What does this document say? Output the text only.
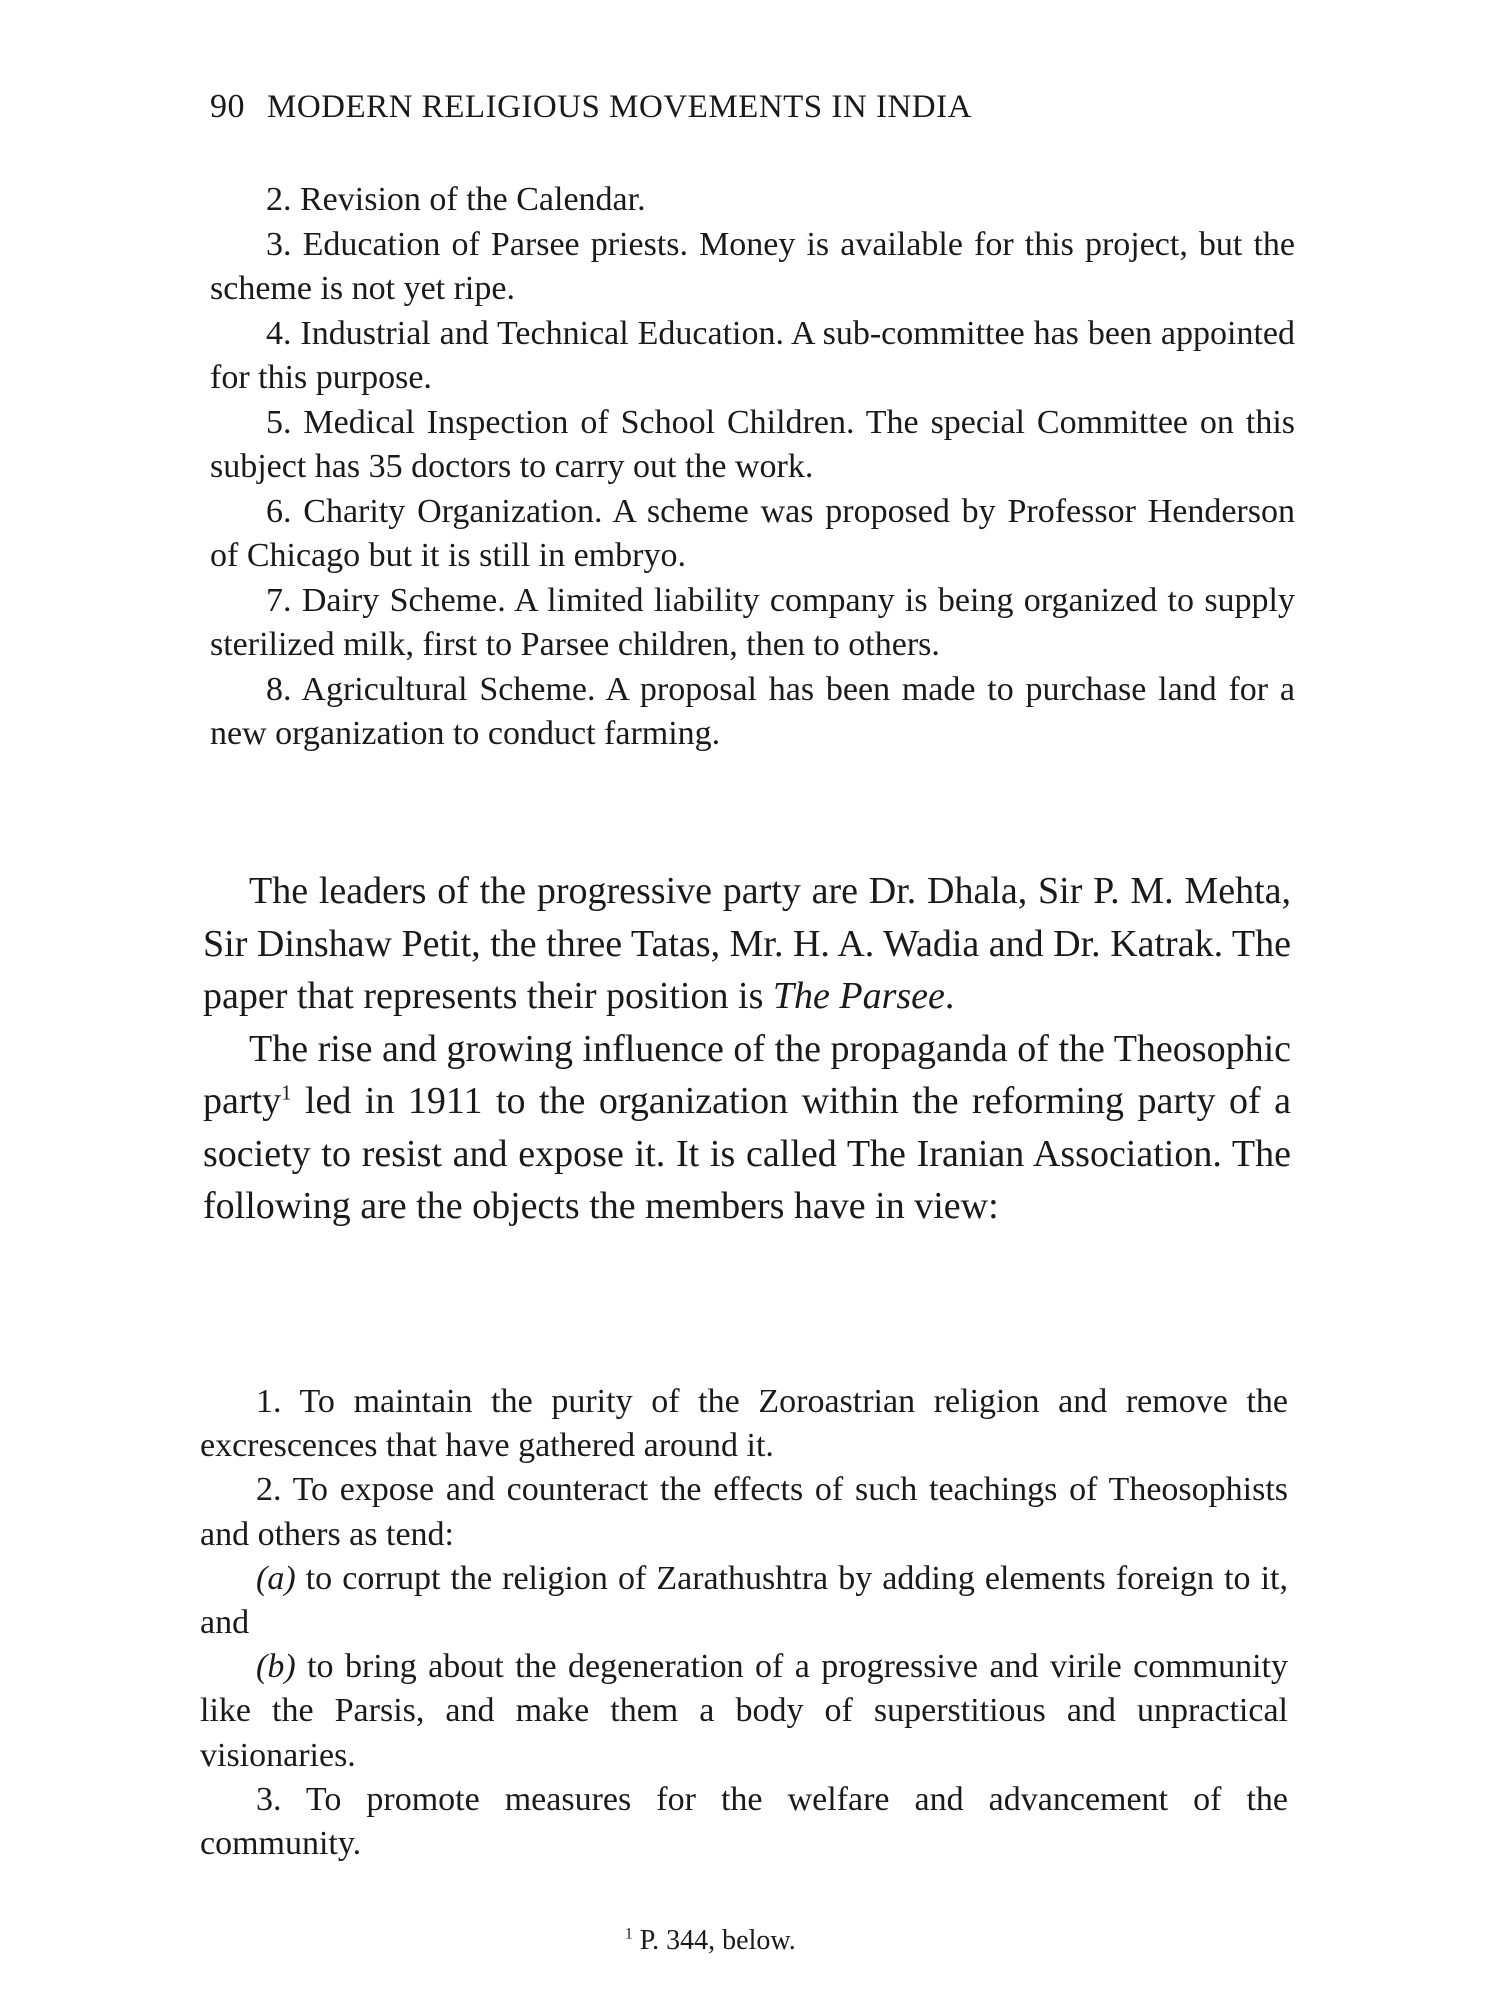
90 MODERN RELIGIOUS MOVEMENTS IN INDIA

2. Revision of the Calendar.

3. Education of Parsee priests. Money is available for this project, but the scheme is not yet ripe.

4. Industrial and Technical Education. A sub-committee has been appointed for this purpose.

5. Medical Inspection of School Children. The special Committee on this subject has 35 doctors to carry out the work.

6. Charity Organization. A scheme was proposed by Professor Henderson of Chicago but it is still in embryo.

7. Dairy Scheme. A limited liability company is being organized to supply sterilized milk, first to Parsee children, then to others.

8. Agricultural Scheme. A proposal has been made to purchase land for a new organization to conduct farming.

The leaders of the progressive party are Dr. Dhala, Sir P. M. Mehta, Sir Dinshaw Petit, the three Tatas, Mr. H. A. Wadia and Dr. Katrak. The paper that represents their position is The Parsee.

The rise and growing influence of the propaganda of the Theosophic party$^1$ led in 1911 to the organization within the reforming party of a society to resist and expose it. It is called The Iranian Association. The following are the objects the members have in view:

1. To maintain the purity of the Zoroastrian religion and remove the excrescences that have gathered around it.

2. To expose and counteract the effects of such teachings of Theosophists and others as tend:

(a) to corrupt the religion of Zarathushtra by adding elements foreign to it, and

(b) to bring about the degeneration of a progressive and virile community like the Parsis, and make them a body of superstitious and unpractical visionaries.

3. To promote measures for the welfare and advancement of the community.

$^1$ P. 344, below.
